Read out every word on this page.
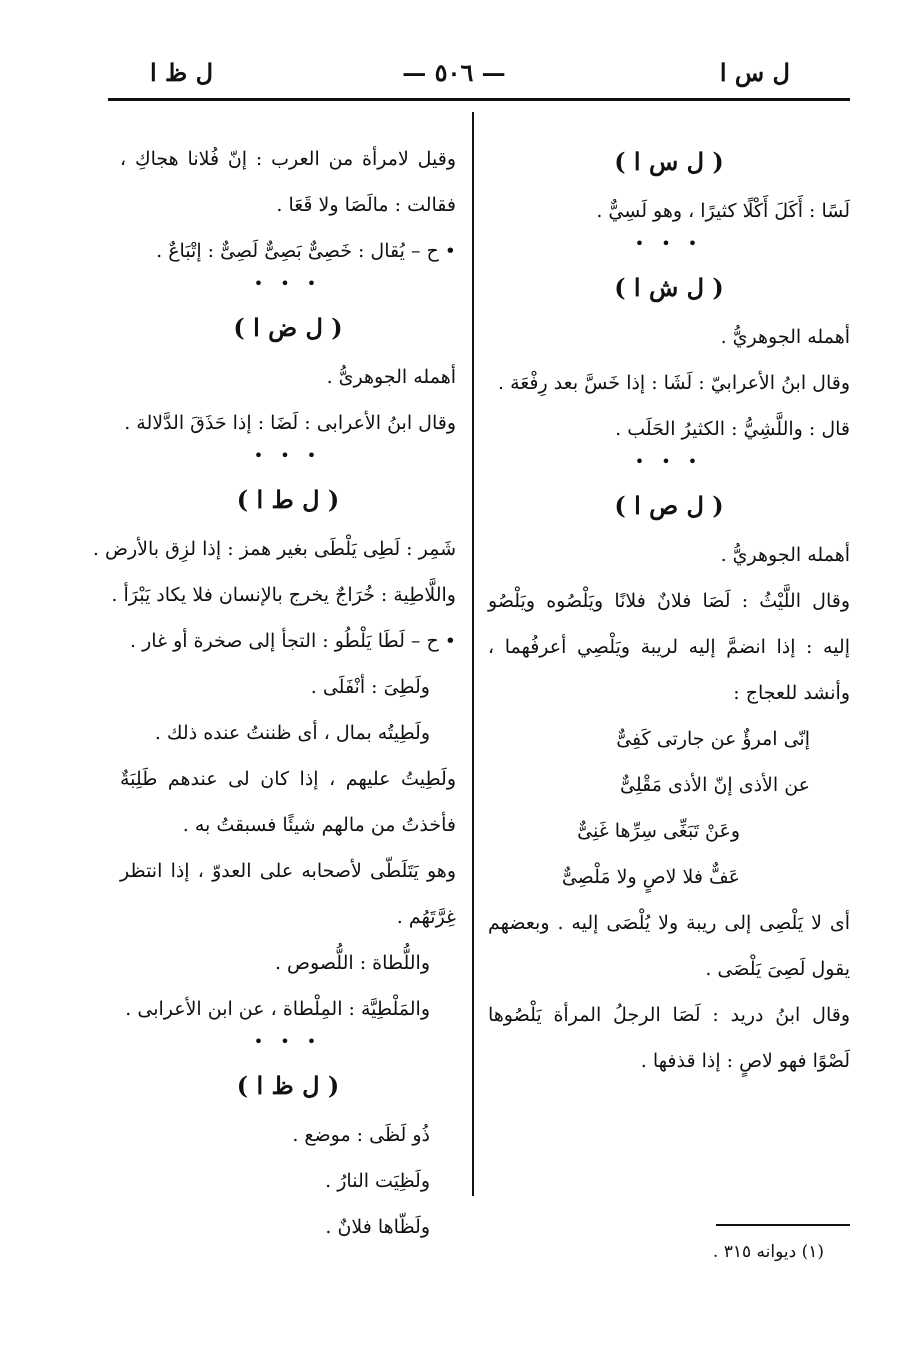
ل س ا
— ٥٠٦ —
ل ظ ا
( ل س ا )
لَسًا : أَكَلَ أَكْلًا كثيرًا ، وهو لَسِيٌّ .
• • •
( ل ش ا )
أهمله الجوهريُّ .
وقال ابنُ الأعرابيّ : لَشَا : إذا خَسَّ بعد رِفْعَة .
قال : واللَّشِيُّ : الكثيرُ الحَلَب .
• • •
( ل ص ا )
أهمله الجوهريُّ .
وقال اللَّيْثُ : لَصَا فلانٌ فلانًا ويَلْصُوه ويَلْصُو
إليه : إذا انضمَّ إليه لريبة ويَلْصِي أعرفُهما ،
وأنشد للعجاج :
إنّى امرؤٌ عن جارتى كَفِىٌّ
عن الأذى إنّ الأذى مَقْلِىٌّ
وعَنْ تَبَغِّى سِرِّها غَنِىٌّ
عَفٌّ فلا لاصٍ ولا مَلْصِىٌّ
أى لا يَلْصِى إلى ريبة ولا يُلْصَى إليه . وبعضهم
يقول لَصِىَ يَلْصَى .
وقال ابنُ دريد : لَصَا الرجلُ المرأة يَلْصُوها
لَصْوًا فهو لاصٍ : إذا قذفها .
وقيل لامرأة من العرب : إنّ فُلانا هجاكِ ،
فقالت : مالَصَا ولا قَعَا .
• ح – يُقال : خَصِىٌّ بَصِىٌّ لَصِىٌّ : إتْبَاعٌ .
• • •
( ل ض ا )
أهمله الجوهرىُّ .
وقال ابنُ الأعرابى : لَضَا : إذا حَذَقَ الدَّلالة .
• • •
( ل ط ا )
شَمِر : لَطِى يَلْطَى بغير همز : إذا لزِق بالأرض .
واللَّاطِية : خُرَاجٌ يخرج بالإنسان فلا يكاد يَبْرَأ .
• ح – لَطَا يَلْطُو : التجأ إلى صخرة أو غار .
ولَطِىَ : أنْفَلَى .
ولَطِيتُه بمال ، أى ظننتُ عنده ذلك .
ولَطِيتُ عليهم ، إذا كان لى عندهم طَلِبَةٌ
فأخذتُ من مالهم شيئًا فسبقتُ به .
وهو يَتَلَطّى لأصحابه على العدوّ ، إذا انتظر
غِرَّتَهُم .
واللُّطاة : اللُّصوص .
والمَلْطِيَّة : المِلْطاة ، عن ابن الأعرابى .
• • •
( ل ظ ا )
ذُو لَظَى : موضع .
ولَظِيَت النارُ .
ولَظّاها فلانٌ .
(١) ديوانه ٣١٥ .
